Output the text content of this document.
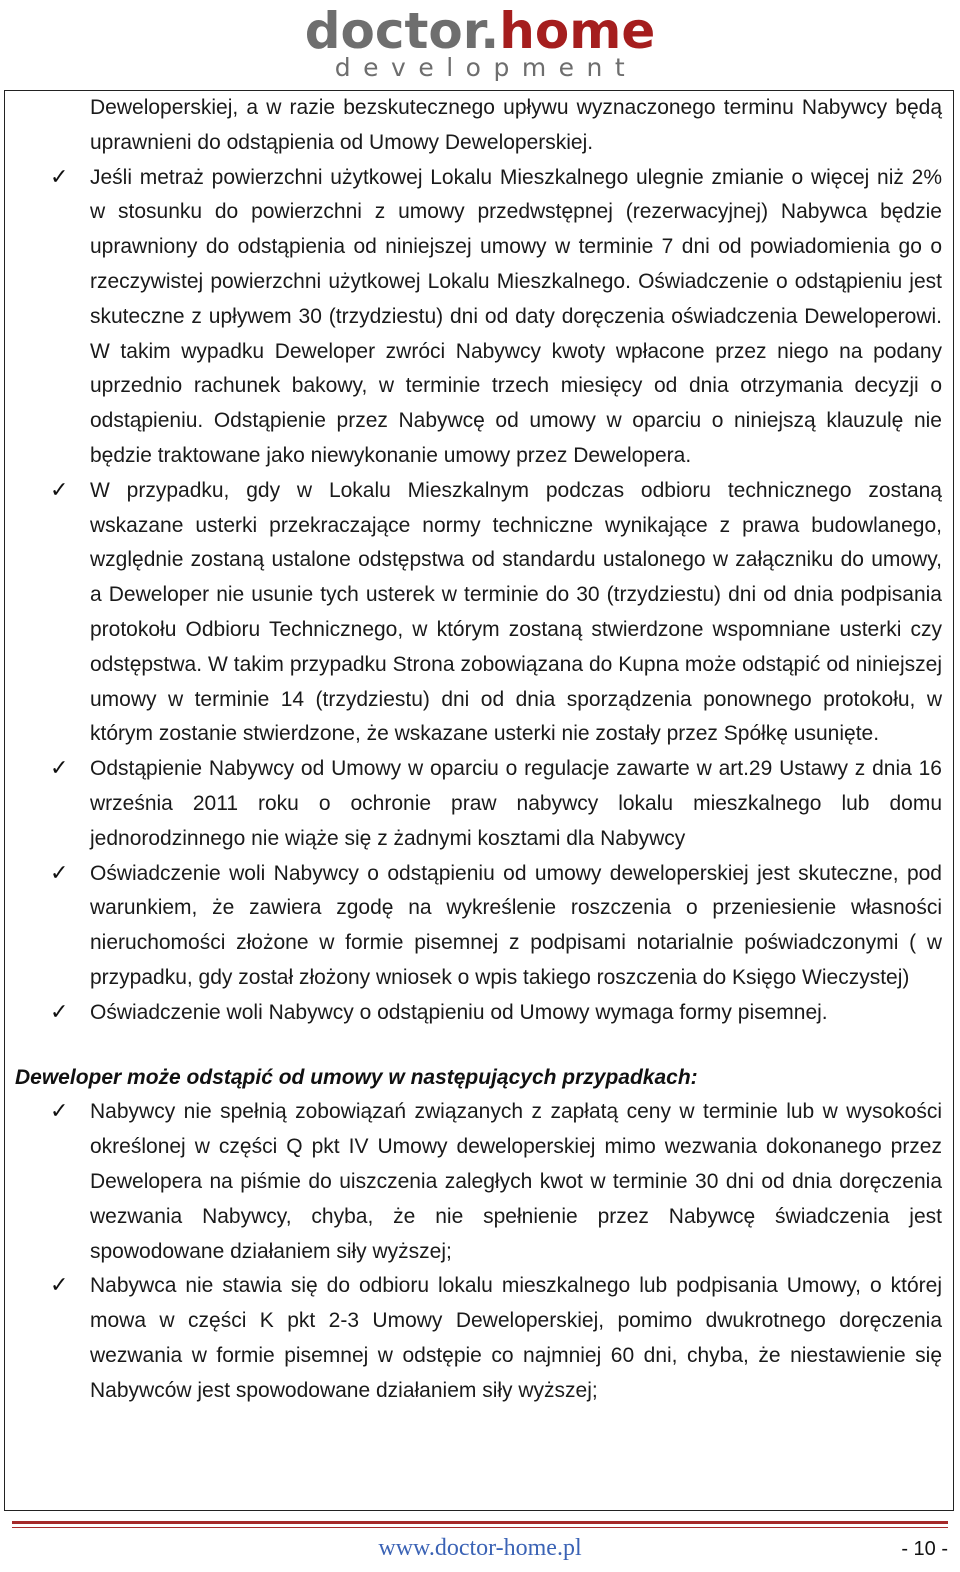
doctor.home
development

Deweloperskiej, a w razie bezskutecznego upływu wyznaczonego terminu Nabywcy będą uprawnieni do odstąpienia od Umowy Deweloperskiej.

✓ Jeśli metraż powierzchni użytkowej Lokalu Mieszkalnego ulegnie zmianie o więcej niż 2% w stosunku do powierzchni z umowy przedwstępnej (rezerwacyjnej) Nabywca będzie uprawniony do odstąpienia od niniejszej umowy w terminie 7 dni od powiadomienia go o rzeczywistej powierzchni użytkowej Lokalu Mieszkalnego. Oświadczenie o odstąpieniu jest skuteczne z upływem 30 (trzydziestu) dni od daty doręczenia oświadczenia Deweloperowi. W takim wypadku Deweloper zwróci Nabywcy kwoty wpłacone przez niego na podany uprzednio rachunek bakowy, w terminie trzech miesięcy od dnia otrzymania decyzji o odstąpieniu. Odstąpienie przez Nabywcę od umowy w oparciu o niniejszą klauzulę nie będzie traktowane jako niewykonanie umowy przez Dewelopera.
✓ W przypadku, gdy w Lokalu Mieszkalnym podczas odbioru technicznego zostaną wskazane usterki przekraczające normy techniczne wynikające z prawa budowlanego, względnie zostaną ustalone odstępstwa od standardu ustalonego w załączniku do umowy, a Deweloper nie usunie tych usterek w terminie do 30 (trzydziestu) dni od dnia podpisania protokołu Odbioru Technicznego, w którym zostaną stwierdzone wspomniane usterki czy odstępstwa. W takim przypadku Strona zobowiązana do Kupna może odstąpić od niniejszej umowy w terminie 14 (trzydziestu) dni od dnia sporządzenia ponownego protokołu, w którym zostanie stwierdzone, że wskazane usterki nie zostały przez Spółkę usunięte.
✓ Odstąpienie Nabywcy od Umowy w oparciu o regulacje zawarte w art.29 Ustawy z dnia 16 września 2011 roku o ochronie praw nabywcy lokalu mieszkalnego lub domu jednorodzinnego nie wiąże się z żadnymi kosztami dla Nabywcy
✓ Oświadczenie woli Nabywcy o odstąpieniu od umowy deweloperskiej jest skuteczne, pod warunkiem, że zawiera zgodę na wykreślenie roszczenia o przeniesienie własności nieruchomości złożone w formie pisemnej z podpisami notarialnie poświadczonymi ( w przypadku, gdy został złożony wniosek o wpis takiego roszczenia do Księgo Wieczystej)
✓ Oświadczenie woli Nabywcy o odstąpieniu od Umowy wymaga formy pisemnej.
Deweloper może odstąpić od umowy w następujących przypadkach:
✓ Nabywcy nie spełnią zobowiązań związanych z zapłatą ceny w terminie lub w wysokości określonej w części Q pkt IV Umowy deweloperskiej mimo wezwania dokonanego przez Dewelopera na piśmie do uiszczenia zaległych kwot w terminie 30 dni od dnia doręczenia wezwania Nabywcy, chyba, że nie spełnienie przez Nabywcę świadczenia jest spowodowane działaniem siły wyższej;
✓ Nabywca nie stawia się do odbioru lokalu mieszkalnego lub podpisania Umowy, o której mowa w części K pkt 2-3 Umowy Deweloperskiej, pomimo dwukrotnego doręczenia wezwania w formie pisemnej w odstępie co najmniej 60 dni, chyba, że niestawienie się Nabywców jest spowodowane działaniem siły wyższej;
www.doctor-home.pl	- 10 -
